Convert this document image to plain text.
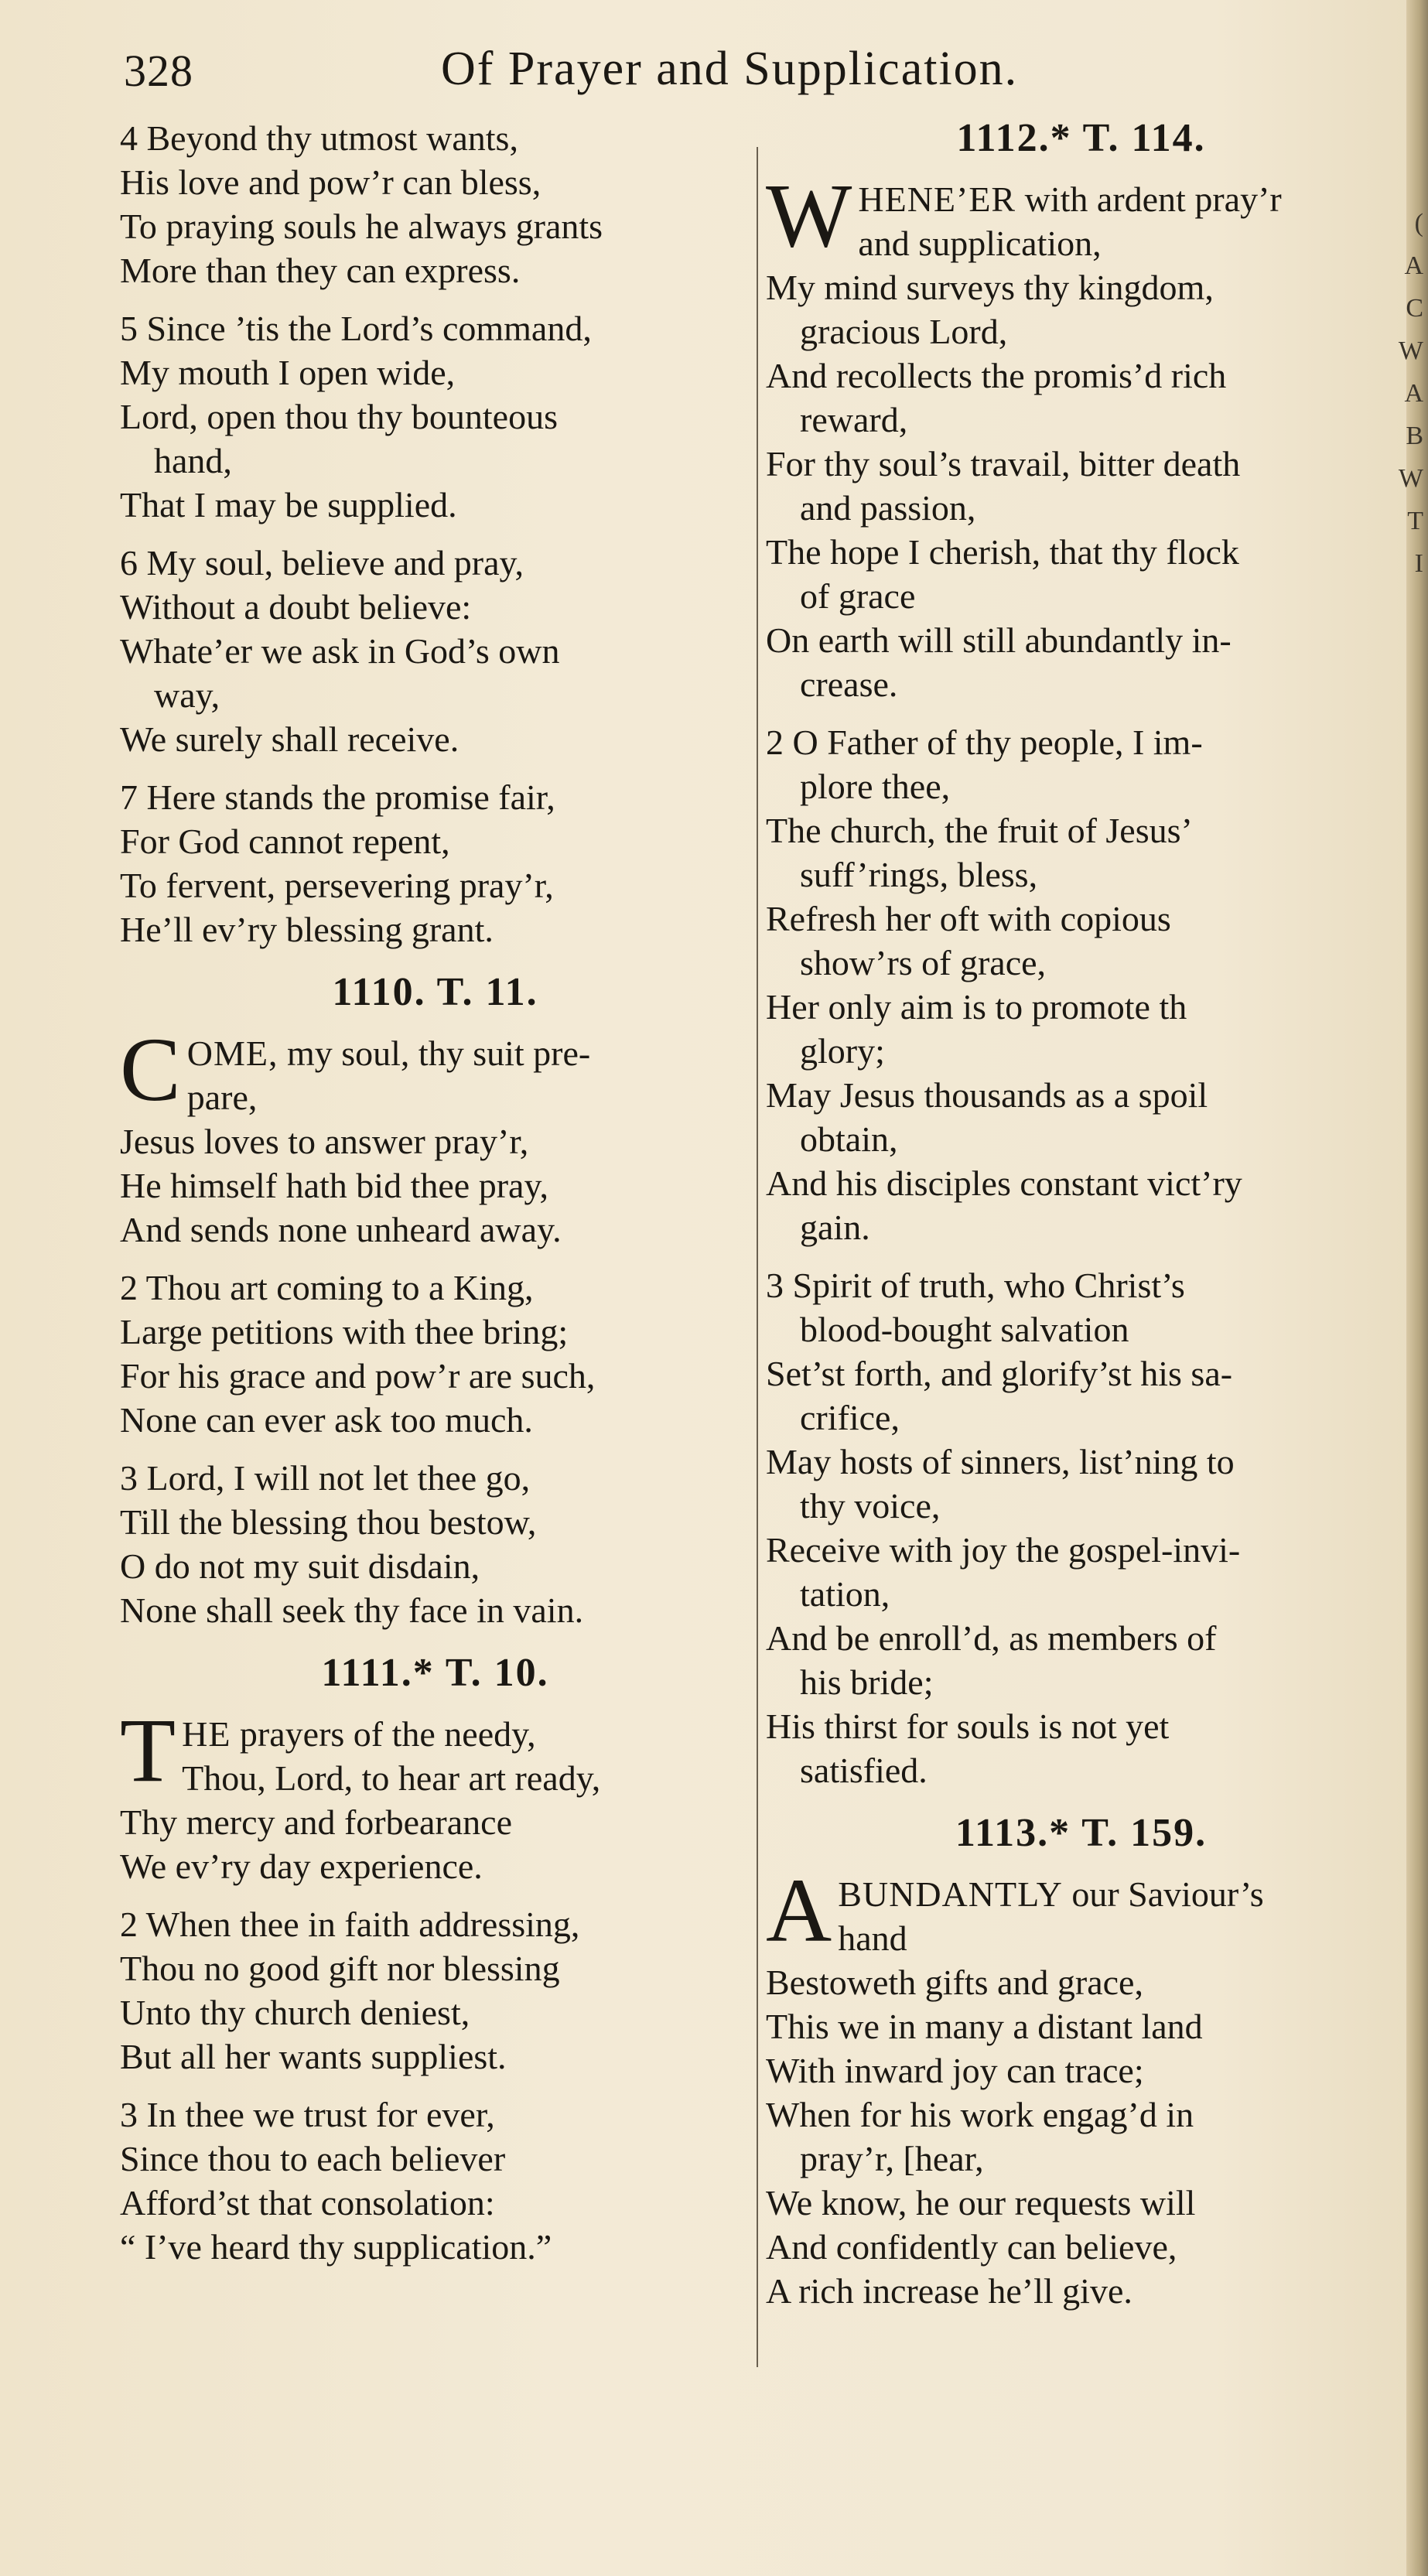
328	Of Prayer and Supplication.
4 Beyond thy utmost wants,
His love and pow’r can bless,
To praying souls he always grants
More than they can express.
5 Since ’tis the Lord’s command,
My mouth I open wide,
Lord, open thou thy bounteous
hand,
That I may be supplied.
6 My soul, believe and pray,
Without a doubt believe:
Whate’er we ask in God’s own
way,
We surely shall receive.
7 Here stands the promise fair,
For God cannot repent,
To fervent, persevering pray’r,
He’ll ev’ry blessing grant.
1110. T. 11.
C OME, my soul, thy suit pre-
pare,
Jesus loves to answer pray’r,
He himself hath bid thee pray,
And sends none unheard away.
2 Thou art coming to a King,
Large petitions with thee bring;
For his grace and pow’r are such,
None can ever ask too much.
3 Lord, I will not let thee go,
Till the blessing thou bestow,
O do not my suit disdain,
None shall seek thy face in vain.
1111.* T. 10.
T HE prayers of the needy,
Thou, Lord, to hear art ready,
Thy mercy and forbearance
We ev’ry day experience.
2 When thee in faith addressing,
Thou no good gift nor blessing
Unto thy church deniest,
But all her wants suppliest.
3 In thee we trust for ever,
Since thou to each believer
Afford’st that consolation:
“ I’ve heard thy supplication.”
1112.* T. 114.
W HENE’ER with ardent pray’r
and supplication,
My mind surveys thy kingdom,
gracious Lord,
And recollects the promis’d rich
reward,
For thy soul’s travail, bitter death
and passion,
The hope I cherish, that thy flock
of grace
On earth will still abundantly in-
crease.
2 O Father of thy people, I im-
plore thee,
The church, the fruit of Jesus’
suff’rings, bless,
Refresh her oft with copious
show’rs of grace,
Her only aim is to promote th
glory;
May Jesus thousands as a spoil
obtain,
And his disciples constant vict’ry
gain.
3 Spirit of truth, who Christ’s
blood-bought salvation
Set’st forth, and glorify’st his sa-
crifice,
May hosts of sinners, list’ning to
thy voice,
Receive with joy the gospel-invi-
tation,
And be enroll’d, as members of
his bride;
His thirst for souls is not yet
satisfied.
1113.* T. 159.
A BUNDANTLY our Saviour’s
hand
Bestoweth gifts and grace,
This we in many a distant land
With inward joy can trace;
When for his work engag’d in
pray’r, [hear,
We know, he our requests will
And confidently can believe,
A rich increase he’ll give.
(
A
C
W
A
B
W
T
I
